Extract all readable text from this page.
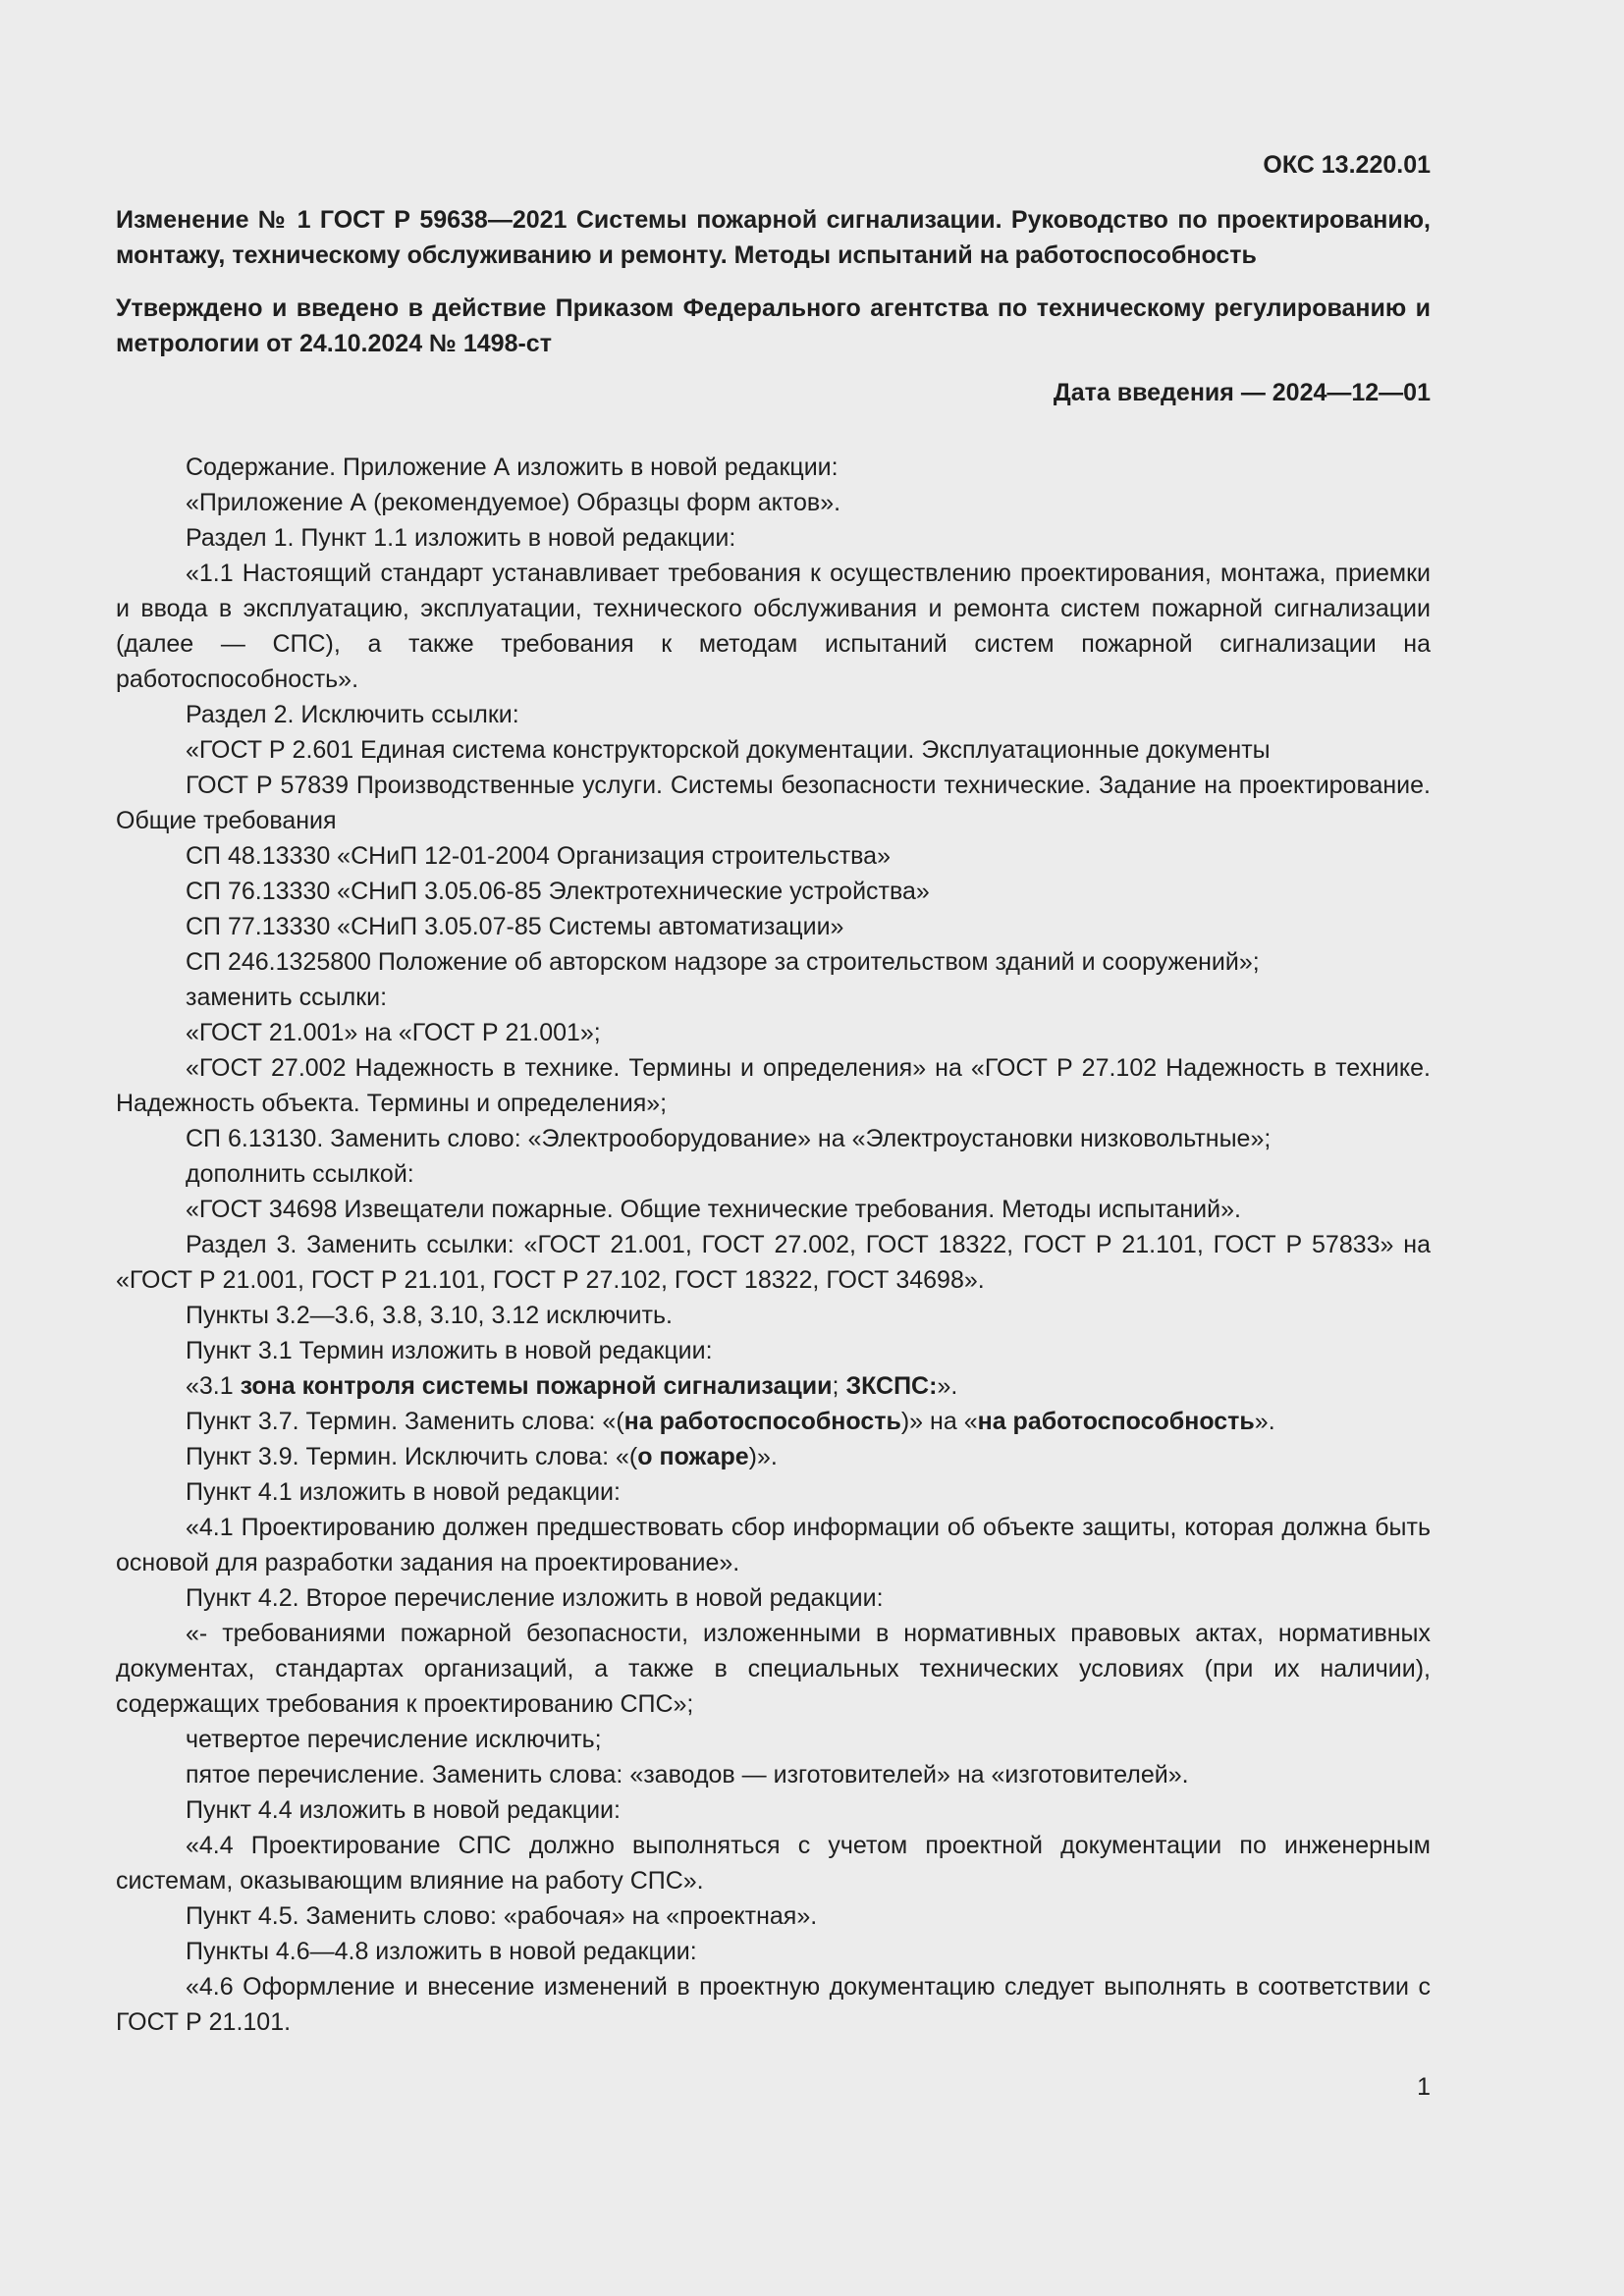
ОКС 13.220.01
Изменение № 1 ГОСТ Р 59638—2021 Системы пожарной сигнализации. Руководство по проектированию, монтажу, техническому обслуживанию и ремонту. Методы испытаний на работоспособность
Утверждено и введено в действие Приказом Федерального агентства по техническому регулированию и метрологии от 24.10.2024 № 1498-ст
Дата введения — 2024—12—01

Содержание. Приложение А изложить в новой редакции:

«Приложение А (рекомендуемое) Образцы форм актов».

Раздел 1. Пункт 1.1 изложить в новой редакции:

«1.1 Настоящий стандарт устанавливает требования к осуществлению проектирования, монтажа, приемки и ввода в эксплуатацию, эксплуатации, технического обслуживания и ремонта систем пожарной сигнализации (далее — СПС), а также требования к методам испытаний систем пожарной сигнализации на работоспособность».

Раздел 2. Исключить ссылки:

«ГОСТ Р 2.601 Единая система конструкторской документации. Эксплуатационные документы

ГОСТ Р 57839 Производственные услуги. Системы безопасности технические. Задание на проектирование. Общие требования

СП 48.13330 «СНиП 12-01-2004 Организация строительства»

СП 76.13330 «СНиП 3.05.06-85 Электротехнические устройства»

СП 77.13330 «СНиП 3.05.07-85 Системы автоматизации»

СП 246.1325800 Положение об авторском надзоре за строительством зданий и сооружений»;

заменить ссылки:

«ГОСТ 21.001» на «ГОСТ Р 21.001»;

«ГОСТ 27.002 Надежность в технике. Термины и определения» на «ГОСТ Р 27.102 Надежность в технике. Надежность объекта. Термины и определения»;

СП 6.13130. Заменить слово: «Электрооборудование» на «Электроустановки низковольтные»;

дополнить ссылкой:

«ГОСТ 34698 Извещатели пожарные. Общие технические требования. Методы испытаний».

Раздел 3. Заменить ссылки: «ГОСТ 21.001, ГОСТ 27.002, ГОСТ 18322, ГОСТ Р 21.101, ГОСТ Р 57833» на «ГОСТ Р 21.001, ГОСТ Р 21.101, ГОСТ Р 27.102, ГОСТ 18322, ГОСТ 34698».

Пункты 3.2—3.6, 3.8, 3.10, 3.12 исключить.

Пункт 3.1 Термин изложить в новой редакции:

«3.1 зона контроля системы пожарной сигнализации; ЗКСПС:».

Пункт 3.7. Термин. Заменить слова: «(на работоспособность)» на «на работоспособность».

Пункт 3.9. Термин. Исключить слова: «(о пожаре)».

Пункт 4.1 изложить в новой редакции:

«4.1 Проектированию должен предшествовать сбор информации об объекте защиты, которая должна быть основой для разработки задания на проектирование».

Пункт 4.2. Второе перечисление изложить в новой редакции:

«- требованиями пожарной безопасности, изложенными в нормативных правовых актах, нормативных документах, стандартах организаций, а также в специальных технических условиях (при их наличии), содержащих требования к проектированию СПС»;

четвертое перечисление исключить;

пятое перечисление. Заменить слова: «заводов — изготовителей» на «изготовителей».

Пункт 4.4 изложить в новой редакции:

«4.4 Проектирование СПС должно выполняться с учетом проектной документации по инженерным системам, оказывающим влияние на работу СПС».

Пункт 4.5. Заменить слово: «рабочая» на «проектная».

Пункты 4.6—4.8 изложить в новой редакции:

«4.6 Оформление и внесение изменений в проектную документацию следует выполнять в соответствии с ГОСТ Р 21.101.

1
